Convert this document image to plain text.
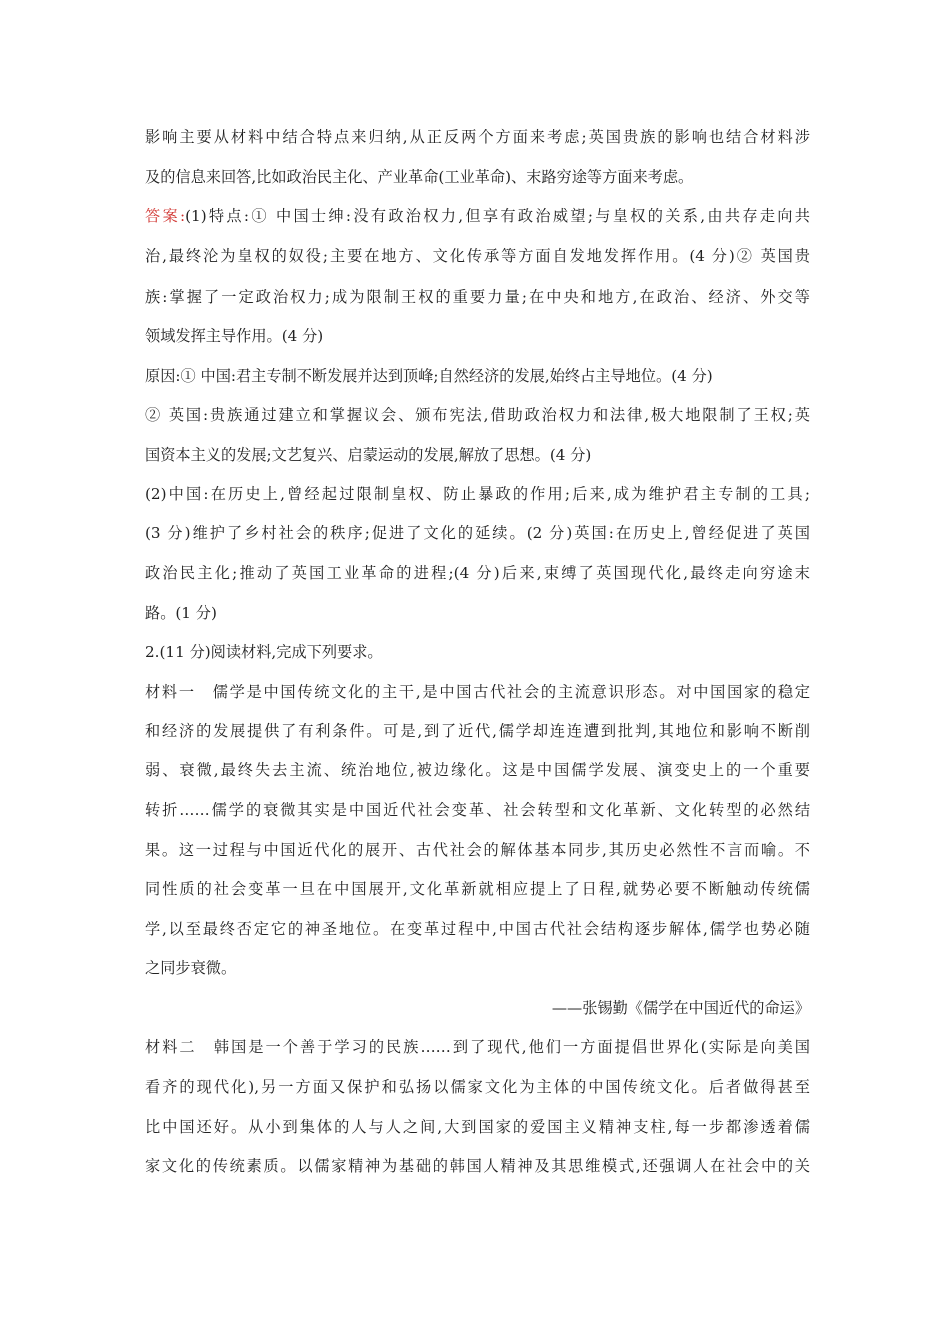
影响主要从材料中结合特点来归纳,从正反两个方面来考虑;英国贵族的影响也结合材料涉
及的信息来回答,比如政治民主化、产业革命(工业革命)、末路穷途等方面来考虑。
答案:(1)特点:① 中国士绅:没有政治权力,但享有政治威望;与皇权的关系,由共存走向共
治,最终沦为皇权的奴役;主要在地方、文化传承等方面自发地发挥作用。(4 分)② 英国贵
族:掌握了一定政治权力;成为限制王权的重要力量;在中央和地方,在政治、经济、外交等
领域发挥主导作用。(4 分)
原因:① 中国:君主专制不断发展并达到顶峰;自然经济的发展,始终占主导地位。(4 分)
② 英国:贵族通过建立和掌握议会、颁布宪法,借助政治权力和法律,极大地限制了王权;英
国资本主义的发展;文艺复兴、启蒙运动的发展,解放了思想。(4 分)
(2)中国:在历史上,曾经起过限制皇权、防止暴政的作用;后来,成为维护君主专制的工具;
(3 分)维护了乡村社会的秩序;促进了文化的延续。(2 分)英国:在历史上,曾经促进了英国
政治民主化;推动了英国工业革命的进程;(4 分)后来,束缚了英国现代化,最终走向穷途末
路。(1 分)
2.(11 分)阅读材料,完成下列要求。
材料一　儒学是中国传统文化的主干,是中国古代社会的主流意识形态。对中国国家的稳定
和经济的发展提供了有利条件。可是,到了近代,儒学却连连遭到批判,其地位和影响不断削
弱、衰微,最终失去主流、统治地位,被边缘化。这是中国儒学发展、演变史上的一个重要
转折……儒学的衰微其实是中国近代社会变革、社会转型和文化革新、文化转型的必然结
果。这一过程与中国近代化的展开、古代社会的解体基本同步,其历史必然性不言而喻。不
同性质的社会变革一旦在中国展开,文化革新就相应提上了日程,就势必要不断触动传统儒
学,以至最终否定它的神圣地位。在变革过程中,中国古代社会结构逐步解体,儒学也势必随
之同步衰微。
——张锡勤《儒学在中国近代的命运》
材料二　韩国是一个善于学习的民族……到了现代,他们一方面提倡世界化(实际是向美国
看齐的现代化),另一方面又保护和弘扬以儒家文化为主体的中国传统文化。后者做得甚至
比中国还好。从小到集体的人与人之间,大到国家的爱国主义精神支柱,每一步都渗透着儒
家文化的传统素质。以儒家精神为基础的韩国人精神及其思维模式,还强调人在社会中的关
